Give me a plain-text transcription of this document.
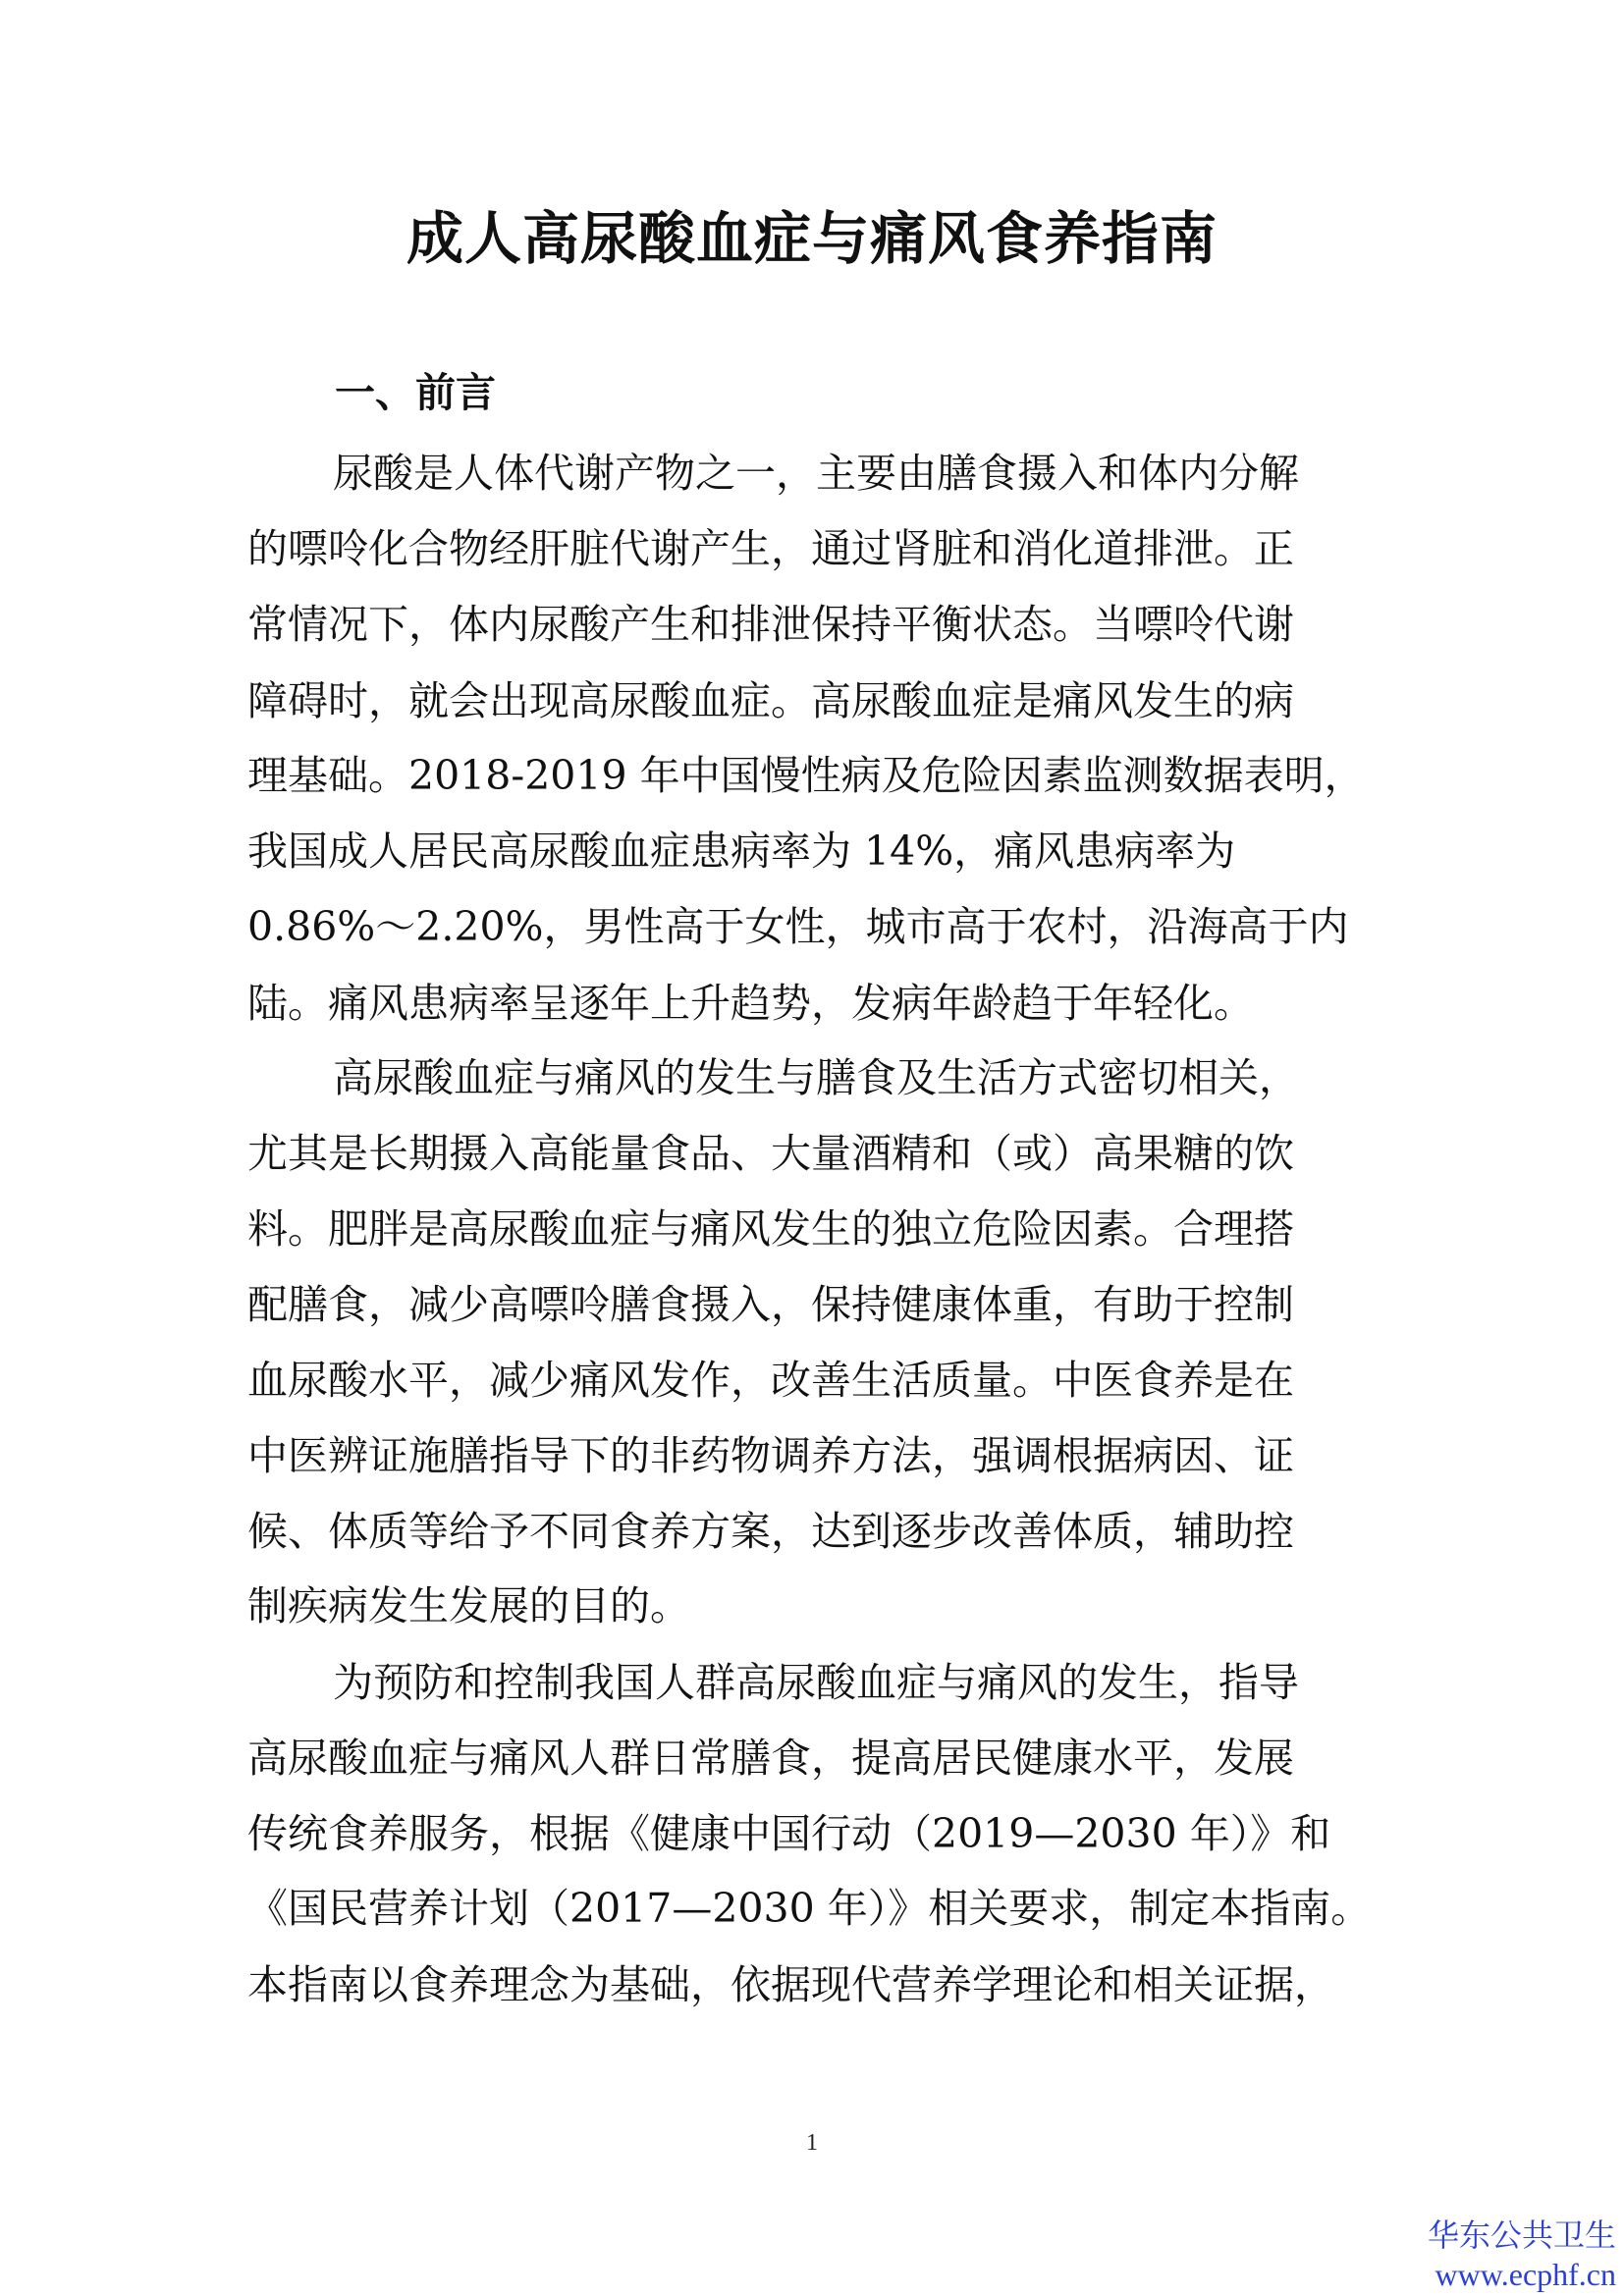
成人高尿酸血症与痛风食养指南
一、前言
尿酸是人体代谢产物之一，主要由膳食摄入和体内分解
的嘌呤化合物经肝脏代谢产生，通过肾脏和消化道排泄。正
常情况下，体内尿酸产生和排泄保持平衡状态。当嘌呤代谢
障碍时，就会出现高尿酸血症。高尿酸血症是痛风发生的病
理基础。2018-2019 年中国慢性病及危险因素监测数据表明，
我国成人居民高尿酸血症患病率为 14%，痛风患病率为
0.86%～2.20%，男性高于女性，城市高于农村，沿海高于内
陆。痛风患病率呈逐年上升趋势，发病年龄趋于年轻化。
高尿酸血症与痛风的发生与膳食及生活方式密切相关，
尤其是长期摄入高能量食品、大量酒精和（或）高果糖的饮
料。肥胖是高尿酸血症与痛风发生的独立危险因素。合理搭
配膳食，减少高嘌呤膳食摄入，保持健康体重，有助于控制
血尿酸水平，减少痛风发作，改善生活质量。中医食养是在
中医辨证施膳指导下的非药物调养方法，强调根据病因、证
候、体质等给予不同食养方案，达到逐步改善体质，辅助控
制疾病发生发展的目的。
为预防和控制我国人群高尿酸血症与痛风的发生，指导
高尿酸血症与痛风人群日常膳食，提高居民健康水平，发展
传统食养服务，根据《健康中国行动（2019—2030 年）》和
《国民营养计划（2017—2030 年）》相关要求，制定本指南。
本指南以食养理念为基础，依据现代营养学理论和相关证据，
1
华东公共卫生
www.ecphf.cn
